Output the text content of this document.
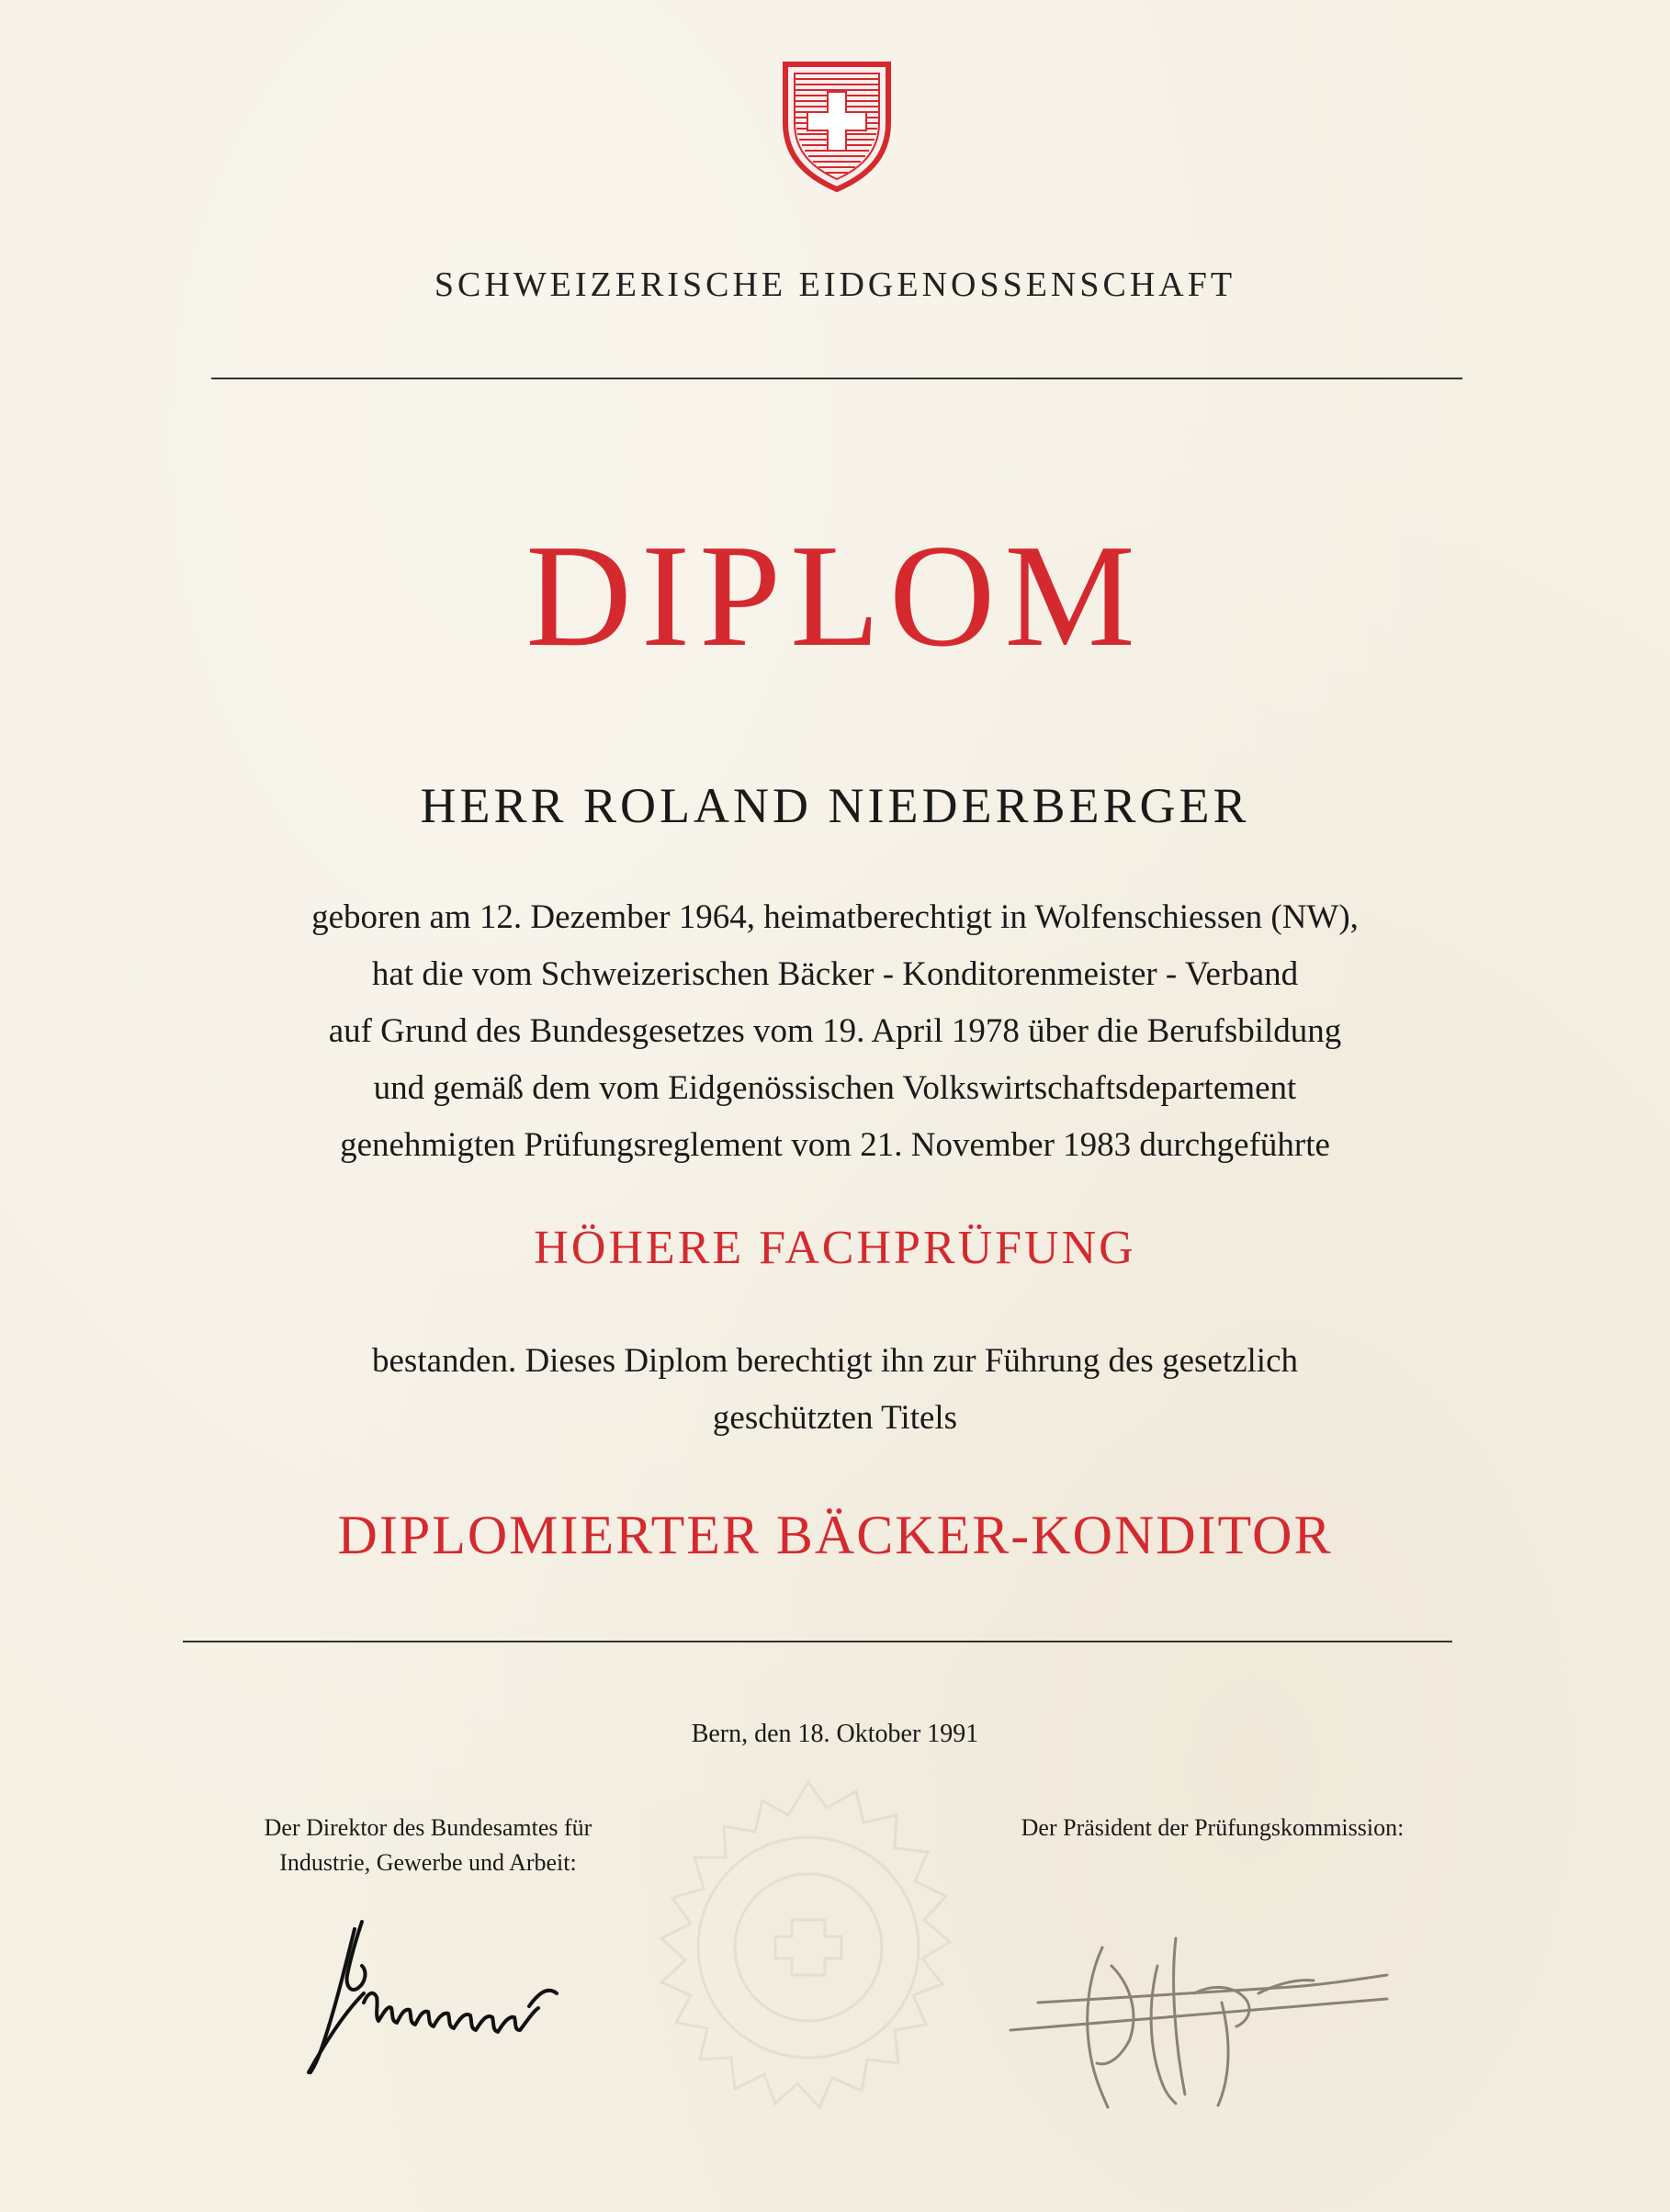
SCHWEIZERISCHE EIDGENOSSENSCHAFT
DIPLOM
HERR ROLAND NIEDERBERGER
geboren am 12. Dezember 1964, heimatberechtigt in Wolfenschiessen (NW),
hat die vom Schweizerischen Bäcker - Konditorenmeister - Verband
auf Grund des Bundesgesetzes vom 19. April 1978 über die Berufsbildung
und gemäß dem vom Eidgenössischen Volkswirtschaftsdepartement
genehmigten Prüfungsreglement vom 21. November 1983 durchgeführte
HÖHERE FACHPRÜFUNG
bestanden. Dieses Diplom berechtigt ihn zur Führung des gesetzlich
geschützten Titels
DIPLOMIERTER BÄCKER-KONDITOR
Bern, den 18. Oktober 1991
Der Direktor des Bundesamtes für
Industrie, Gewerbe und Arbeit:
Der Präsident der Prüfungskommission:
